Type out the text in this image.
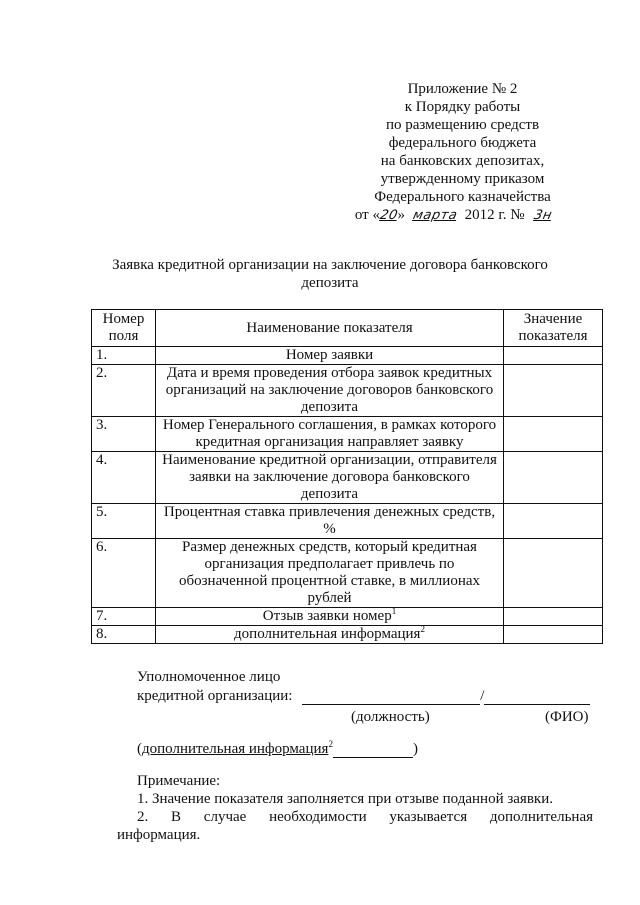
Приложение № 2
к Порядку работы
по размещению средств
федерального бюджета
на банковских депозитах,
утвержденному приказом
Федерального казначейства
от «20» марта 2012 г. № 3н
Заявка кредитной организации на заключение договора банковского
депозита
Номер поля	Наименование показателя	Значение показателя
1.	Номер заявки	
2.	Дата и время проведения отбора заявок кредитных организаций на заключение договоров банковского депозита	
3.	Номер Генерального соглашения, в рамках которого кредитная организация направляет заявку	
4.	Наименование кредитной организации, отправителя заявки на заключение договора банковского депозита	
5.	Процентная ставка привлечения денежных средств, %	
6.	Размер денежных средств, который кредитная организация предполагает привлечь по обозначенной процентной ставке, в миллионах рублей	
7.	Отзыв заявки номер$^1$	
8.	дополнительная информация$^2$	
Уполномоченное лицо
кредитной организации:	/
(должность)	(ФИО)
(дополнительная информация$^2$	)
Примечание:
1. Значение показателя заполняется при отзыве поданной заявки.
2. В случае необходимости указывается дополнительная
информация.
